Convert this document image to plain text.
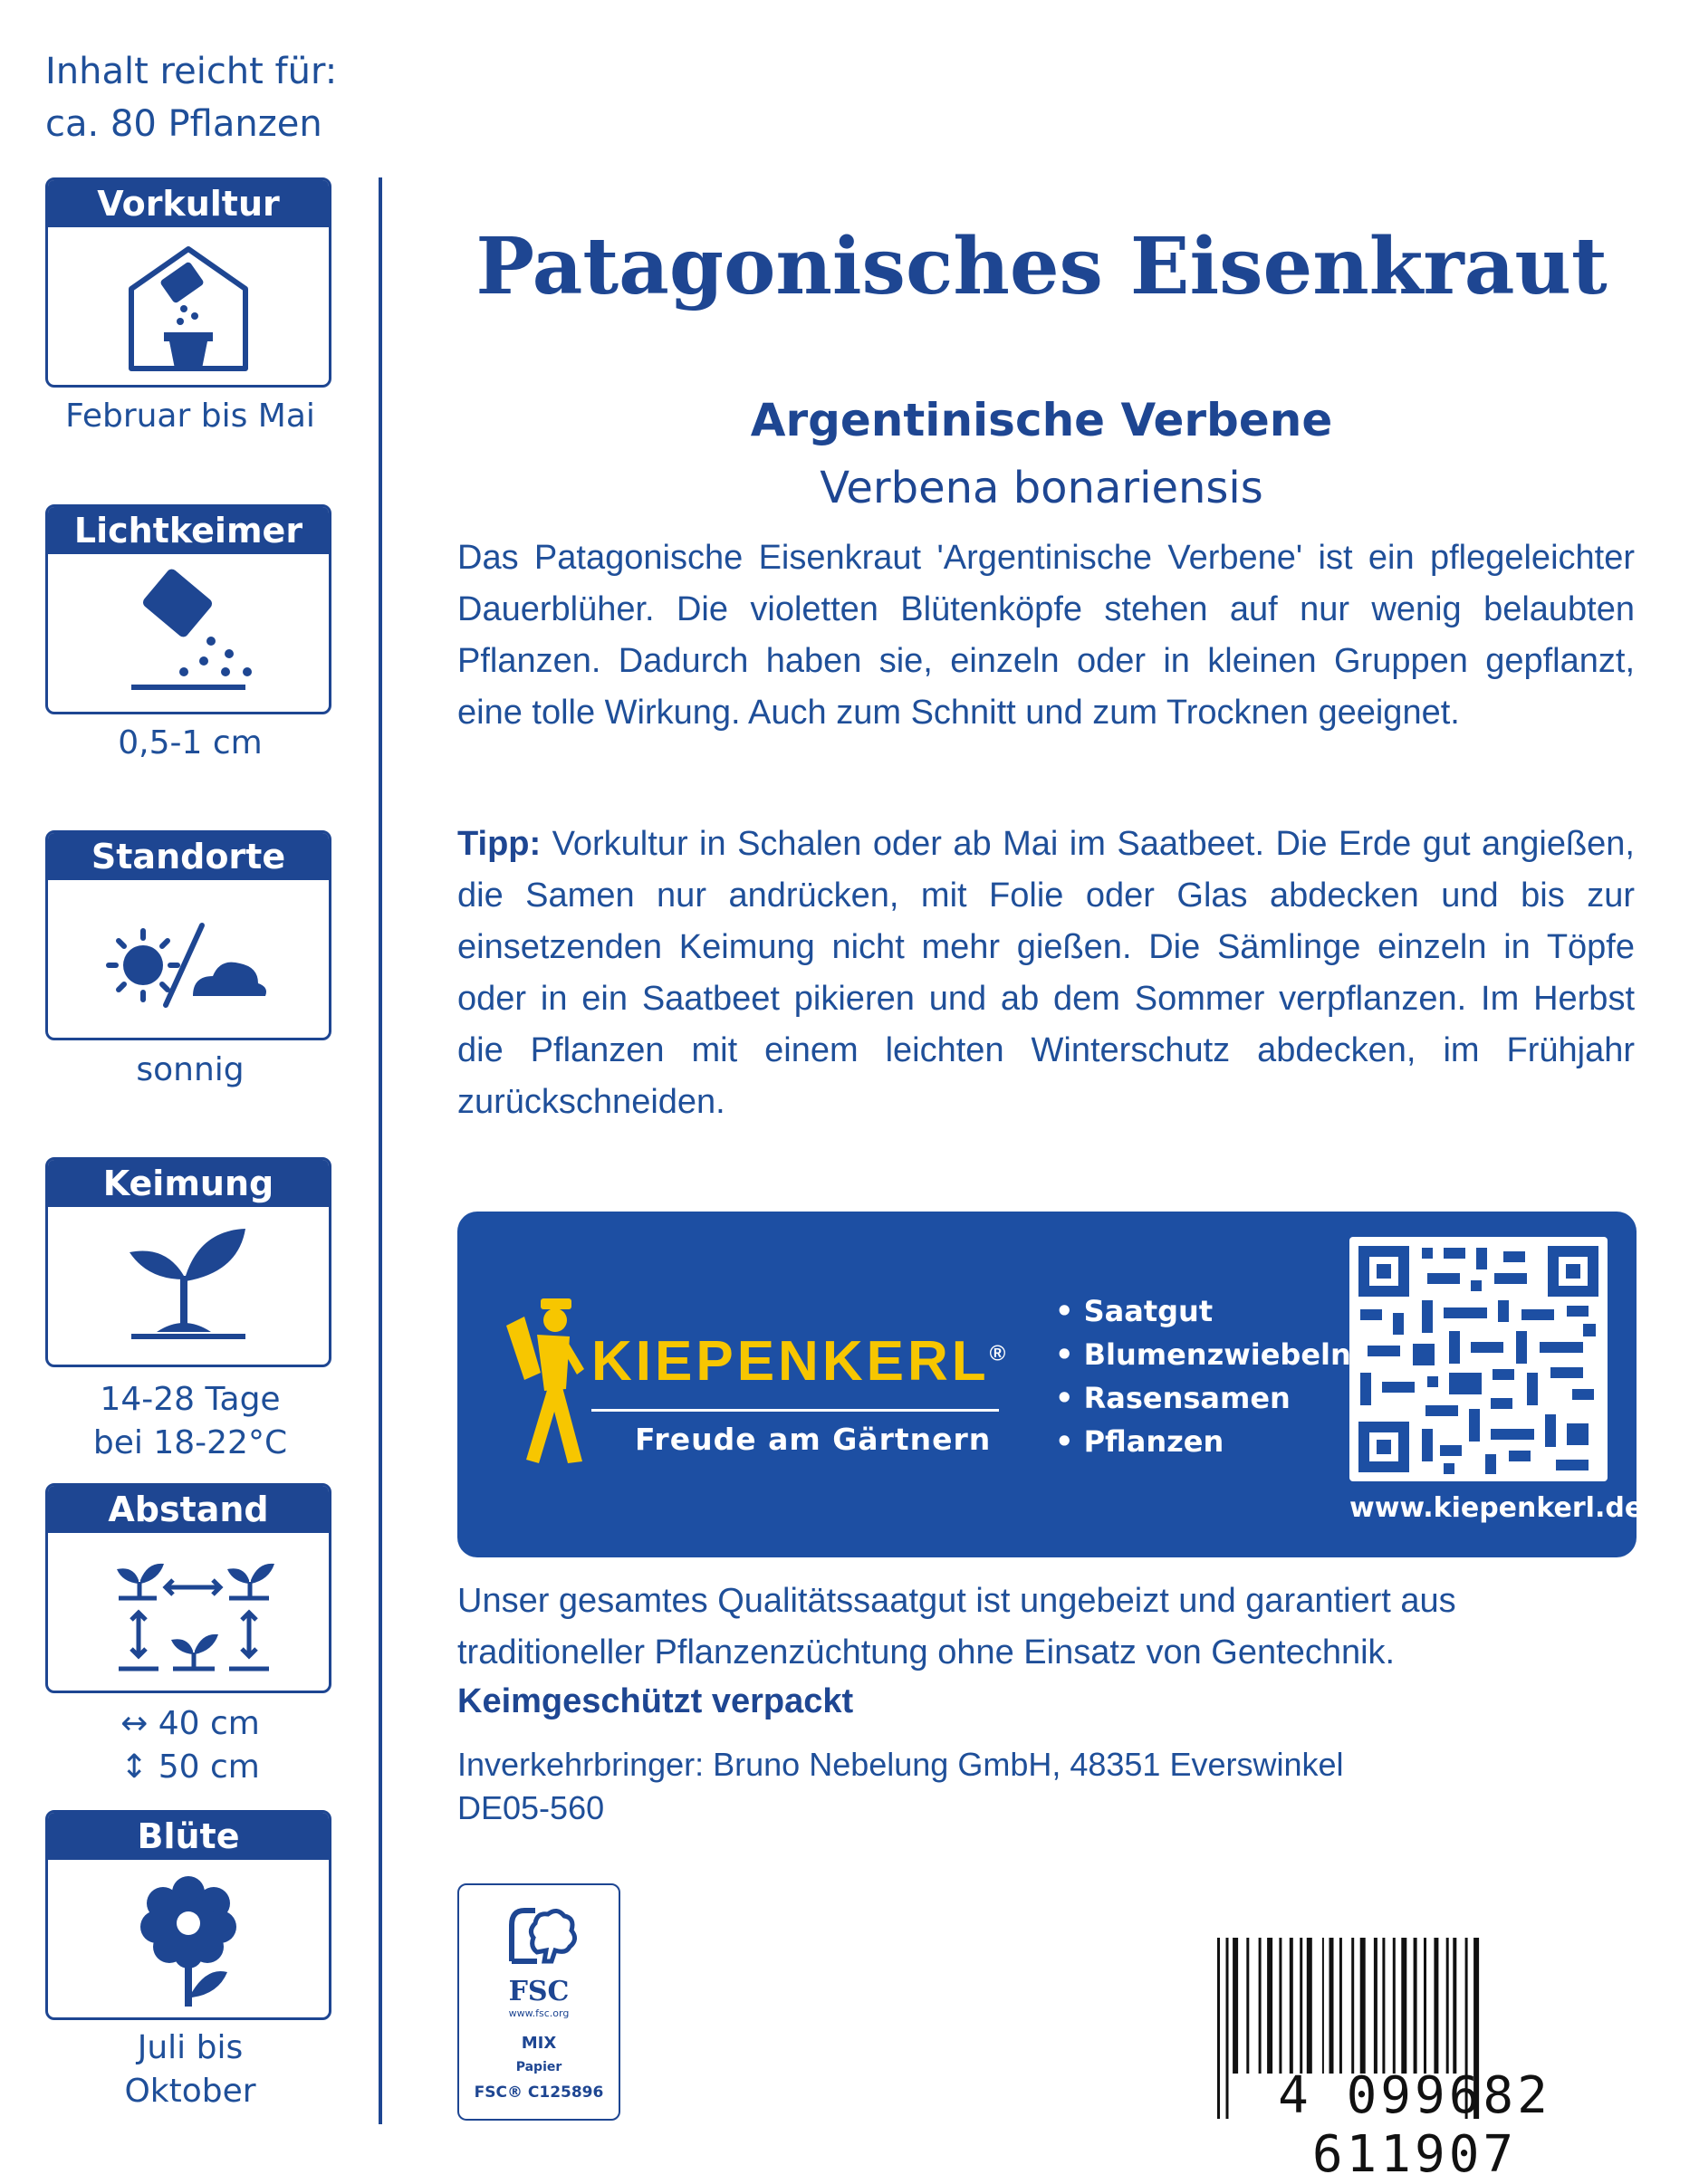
Inhalt reicht für:
ca. 80 Pflanzen
Vorkultur
Februar bis Mai
Lichtkeimer
0,5-1 cm
Standorte
sonnig
Keimung
14-28 Tage
bei 18-22°C
Abstand
↔ 40 cm
↕ 50 cm
Blüte
Juli bis
Oktober
Patagonisches Eisenkraut
Argentinische Verbene
Verbena bonariensis
Das Patagonische Eisenkraut 'Argentinische Verbene' ist ein pflegeleichter Dauerblüher. Die violetten Blütenköpfe stehen auf nur wenig belaubten Pflanzen. Dadurch haben sie, einzeln oder in kleinen Gruppen gepflanzt, eine tolle Wirkung. Auch zum Schnitt und zum Trocknen geeignet.
Tipp: Vorkultur in Schalen oder ab Mai im Saatbeet. Die Erde gut angießen, die Samen nur andrücken, mit Folie oder Glas abdecken und bis zur einsetzenden Keimung nicht mehr gießen. Die Sämlinge einzeln in Töpfe oder in ein Saatbeet pikieren und ab dem Sommer verpflanzen. Im Herbst die Pflanzen mit einem leichten Winterschutz abdecken, im Frühjahr zurückschneiden.
KIEPENKERL®
Freude am Gärtnern
• Saatgut
• Blumenzwiebeln
• Rasensamen
• Pflanzen
www.kiepenkerl.de
Unser gesamtes Qualitätssaatgut ist ungebeizt und garantiert aus traditioneller Pflanzenzüchtung ohne Einsatz von Gentechnik.
Keimgeschützt verpackt
Inverkehrbringer: Bruno Nebelung GmbH, 48351 Everswinkel
DE05-560
FSC
www.fsc.org
MIX
Papier
FSC® C125896	4 099682 611907
